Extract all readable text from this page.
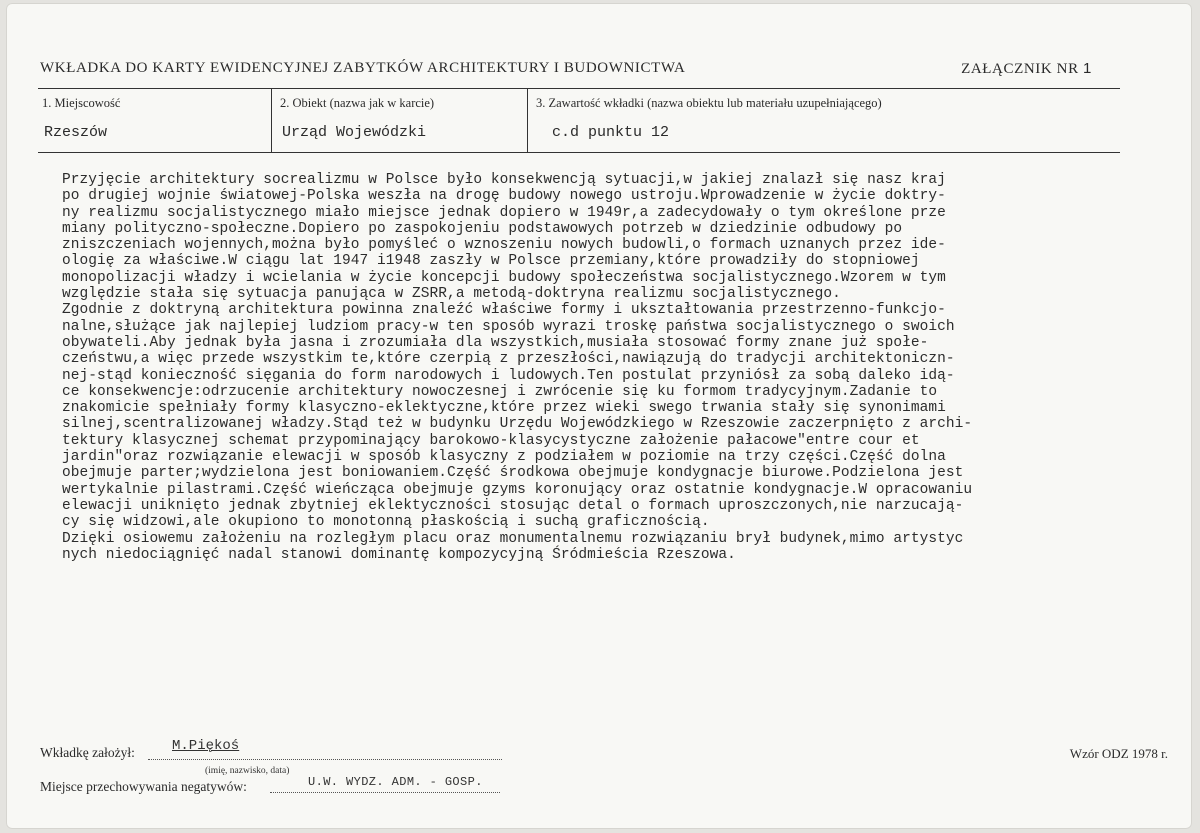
WKŁADKA DO KARTY EWIDENCYJNEJ ZABYTKÓW ARCHITEKTURY I BUDOWNICTWA	ZAŁĄCZNIK NR 1
1. Miejscowość
Rzeszów
2. Obiekt (nazwa jak w karcie)
Urząd Wojewódzki
3. Zawartość wkładki (nazwa obiektu lub materiału uzupełniającego)
c.d punktu 12
Przyjęcie architektury socrealizmu w Polsce było konsekwencją sytuacji,w jakiej znalazł się nasz kraj
po drugiej wojnie światowej-Polska weszła na drogę budowy nowego ustroju.Wprowadzenie w życie doktry-
ny realizmu socjalistycznego miało miejsce jednak dopiero w 1949r,a zadecydowały o tym określone prze
miany polityczno-społeczne.Dopiero po zaspokojeniu podstawowych potrzeb w dziedzinie odbudowy po
zniszczeniach wojennych,można było pomyśleć o wznoszeniu nowych budowli,o formach uznanych przez ide-
ologię za właściwe.W ciągu lat 1947 i1948 zaszły w Polsce przemiany,które prowadziły do stopniowej
monopolizacji władzy i wcielania w życie koncepcji budowy społeczeństwa socjalistycznego.Wzorem w tym
względzie stała się sytuacja panująca w ZSRR,a metodą-doktryna realizmu socjalistycznego.
Zgodnie z doktryną architektura powinna znaleźć właściwe formy i ukształtowania przestrzenno-funkcjo-
nalne,służące jak najlepiej ludziom pracy-w ten sposób wyrazi troskę państwa socjalistycznego o swoich
obywateli.Aby jednak była jasna i zrozumiała dla wszystkich,musiała stosować formy znane już społe-
czeństwu,a więc przede wszystkim te,które czerpią z przeszłości,nawiązują do tradycji architektoniczn-
nej-stąd konieczność sięgania do form narodowych i ludowych.Ten postulat przyniósł za sobą daleko idą-
ce konsekwencje:odrzucenie architektury nowoczesnej i zwrócenie się ku formom tradycyjnym.Zadanie to
znakomicie spełniały formy klasyczno-eklektyczne,które przez wieki swego trwania stały się synonimami
silnej,scentralizowanej władzy.Stąd też w budynku Urzędu Wojewódzkiego w Rzeszowie zaczerpnięto z archi-
tektury klasycznej schemat przypominający barokowo-klasycystyczne założenie pałacowe"entre cour et
jardin"oraz rozwiązanie elewacji w sposób klasyczny z podziałem w poziomie na trzy części.Część dolna
obejmuje parter;wydzielona jest boniowaniem.Część środkowa obejmuje kondygnacje biurowe.Podzielona jest
wertykalnie pilastrami.Część wieńcząca obejmuje gzyms koronujący oraz ostatnie kondygnacje.W opracowaniu
elewacji uniknięto jednak zbytniej eklektyczności stosując detal o formach uproszczonych,nie narzucają-
cy się widzowi,ale okupiono to monotonną płaskością i suchą graficznością.
Dzięki osiowemu założeniu na rozległym placu oraz monumentalnemu rozwiązaniu brył budynek,mimo artystyc
nych niedociągnięć nadal stanowi dominantę kompozycyjną Śródmieścia Rzeszowa.
Wkładkę założył:	M.Piękoś
(imię, nazwisko, data)
Miejsce przechowywania negatywów:	U.W. WYDZ. ADM. - GOSP.
Wzór ODZ 1978 r.
